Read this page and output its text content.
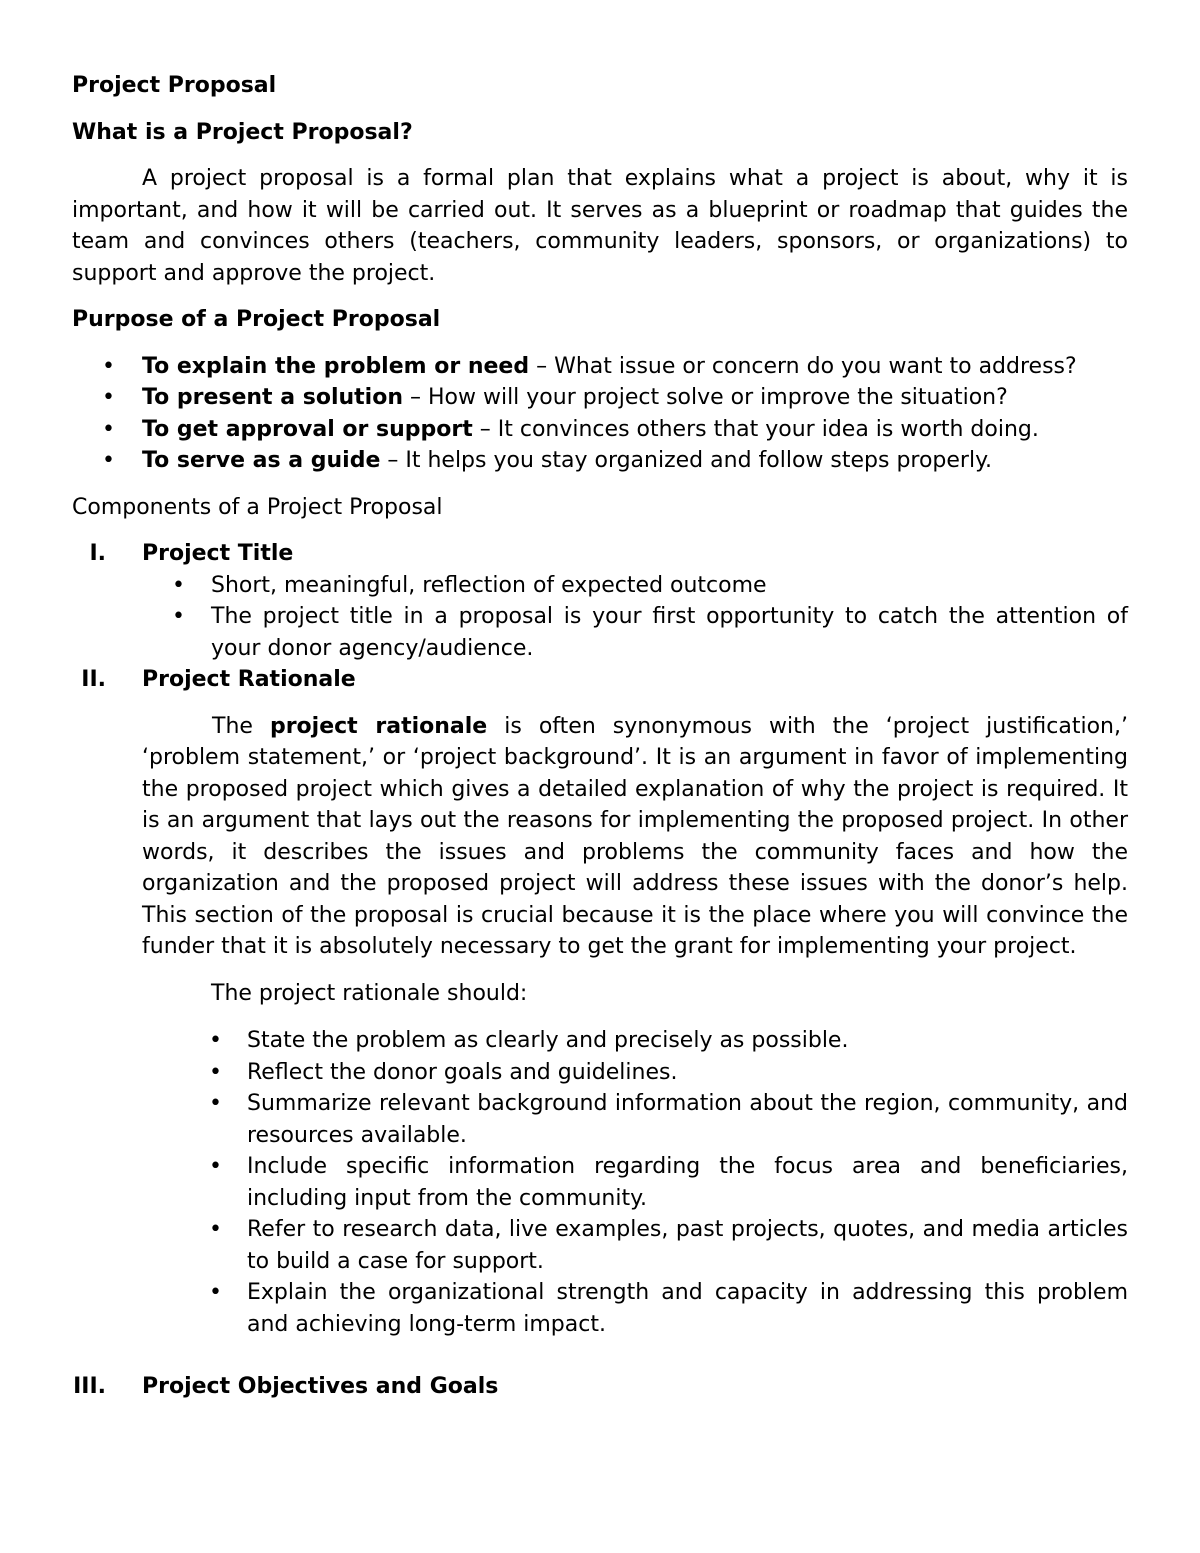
Project Proposal

What is a Project Proposal?

A project proposal is a formal plan that explains what a project is about, why it is important, and how it will be carried out. It serves as a blueprint or roadmap that guides the team and convinces others (teachers, community leaders, sponsors, or organizations) to support and approve the project.

Purpose of a Project Proposal

• To explain the problem or need – What issue or concern do you want to address?
• To present a solution – How will your project solve or improve the situation?
• To get approval or support – It convinces others that your idea is worth doing.
• To serve as a guide – It helps you stay organized and follow steps properly.

Components of a Project Proposal

I. Project Title
• Short, meaningful, reflection of expected outcome
• The project title in a proposal is your first opportunity to catch the attention of your donor agency/audience.
II. Project Rationale

The project rationale is often synonymous with the ‘project justification,’ ‘problem statement,’ or ‘project background’. It is an argument in favor of implementing the proposed project which gives a detailed explanation of why the project is required. It is an argument that lays out the reasons for implementing the proposed project. In other words, it describes the issues and problems the community faces and how the organization and the proposed project will address these issues with the donor’s help. This section of the proposal is crucial because it is the place where you will convince the funder that it is absolutely necessary to get the grant for implementing your project.

The project rationale should:

• State the problem as clearly and precisely as possible.
• Reflect the donor goals and guidelines.
• Summarize relevant background information about the region, community, and resources available.
• Include specific information regarding the focus area and beneficiaries, including input from the community.
• Refer to research data, live examples, past projects, quotes, and media articles to build a case for support.
• Explain the organizational strength and capacity in addressing this problem and achieving long-term impact.
III. Project Objectives and Goals
